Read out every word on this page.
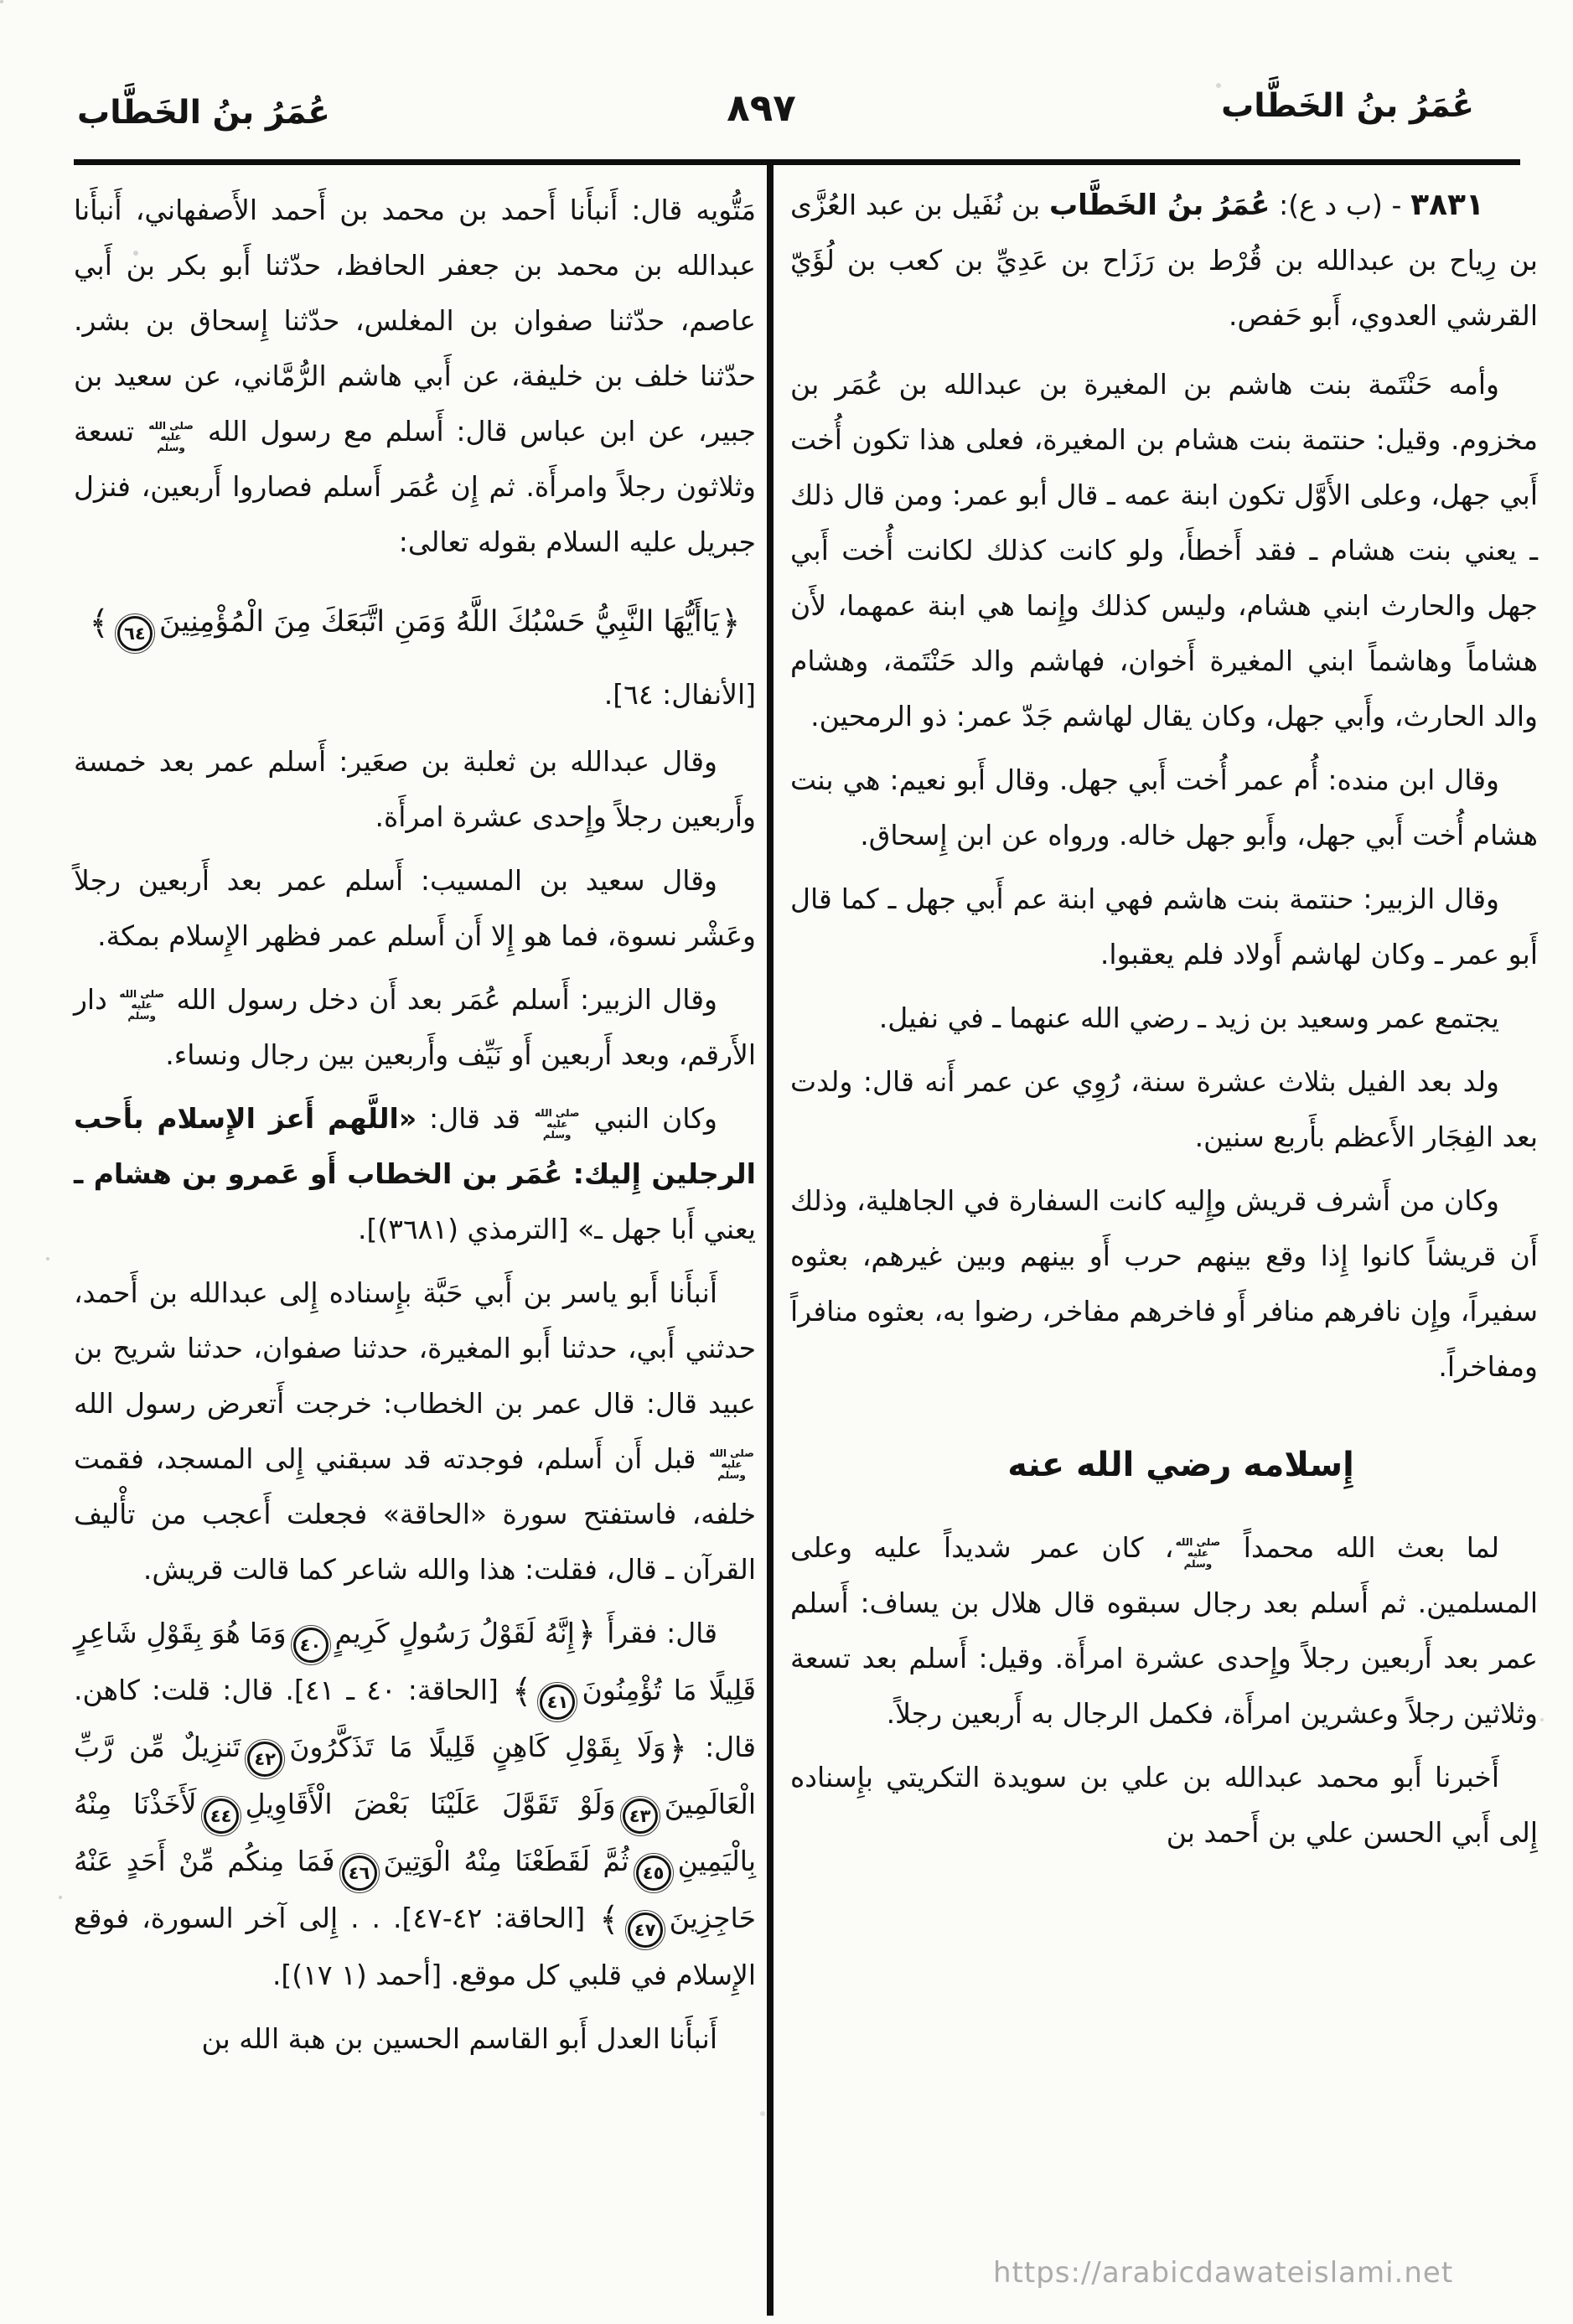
عُمَرُ بنُ الخَطَّاب
٨٩٧
عُمَرُ بنُ الخَطَّاب

٣٨٣١ - (ب د ع): عُمَرُ بنُ الخَطَّاب بن نُفَيل بن عبد العُزَّى بن رِياح بن عبدالله بن قُرْط بن رَزَاح بن عَدِيِّ بن كعب بن لُؤَيّ القرشي العدوي، أَبو حَفص.

وأمه حَنْتَمة بنت هاشم بن المغيرة بن عبدالله بن عُمَر بن مخزوم. وقيل: حنتمة بنت هشام بن المغيرة، فعلى هذا تكون أُخت أَبي جهل، وعلى الأَوَّل تكون ابنة عمه ـ قال أبو عمر: ومن قال ذلك ـ يعني بنت هشام ـ فقد أَخطأَ، ولو كانت كذلك لكانت أُخت أَبي جهل والحارث ابني هشام، وليس كذلك وإِنما هي ابنة عمهما، لأَن هشاماً وهاشماً ابني المغيرة أَخوان، فهاشم والد حَنْتَمة، وهشام والد الحارث، وأَبي جهل، وكان يقال لهاشم جَدّ عمر: ذو الرمحين.

وقال ابن منده: أُم عمر أُخت أَبي جهل. وقال أَبو نعيم: هي بنت هشام أُخت أَبي جهل، وأَبو جهل خاله. ورواه عن ابن إِسحاق.

وقال الزبير: حنتمة بنت هاشم فهي ابنة عم أَبي جهل ـ كما قال أَبو عمر ـ وكان لهاشم أَولاد فلم يعقبوا.

يجتمع عمر وسعيد بن زيد ـ رضي الله عنهما ـ في نفيل.

ولد بعد الفيل بثلاث عشرة سنة، رُوِي عن عمر أَنه قال: ولدت بعد الفِجَار الأَعظم بأَربع سنين.

وكان من أَشرف قريش وإِليه كانت السفارة في الجاهلية، وذلك أَن قريشاً كانوا إِذا وقع بينهم حرب أَو بينهم وبين غيرهم، بعثوه سفيراً، وإِن نافرهم منافر أَو فاخرهم مفاخر، رضوا به، بعثوه منافراً ومفاخراً.

إِسلامه رضي الله عنه

لما بعث الله محمداً صلى الله عليه وسلم، كان عمر شديداً عليه وعلى المسلمين. ثم أَسلم بعد رجال سبقوه قال هلال بن يساف: أَسلم عمر بعد أَربعين رجلاً وإِحدى عشرة امرأَة. وقيل: أَسلم بعد تسعة وثلاثين رجلاً وعشرين امرأَة، فكمل الرجال به أَربعين رجلاً.

أَخبرنا أَبو محمد عبدالله بن علي بن سويدة التكريتي بإِسناده إِلى أَبي الحسن علي بن أَحمد بن

مَتُّويه قال: أَنبأَنا أَحمد بن محمد بن أَحمد الأَصفهاني، أَنبأَنا عبدالله بن محمد بن جعفر الحافظ، حدّثنا أَبو بكر بن أَبي عاصم، حدّثنا صفوان بن المغلس، حدّثنا إِسحاق بن بشر. حدّثنا خلف بن خليفة، عن أَبي هاشم الرُّمَّاني، عن سعيد بن جبير، عن ابن عباس قال: أَسلم مع رسول الله صلى الله عليه وسلم تسعة وثلاثون رجلاً وامرأَة. ثم إِن عُمَر أَسلم فصاروا أَربعين، فنزل جبريل عليه السلام بقوله تعالى:

﴿يَاأَيُّهَا النَّبِيُّ حَسْبُكَ اللَّهُ وَمَنِ اتَّبَعَكَ مِنَ الْمُؤْمِنِينَ٦٤﴾

[الأنفال: ٦٤].

وقال عبدالله بن ثعلبة بن صعَير: أَسلم عمر بعد خمسة وأَربعين رجلاً وإِحدى عشرة امرأَة.

وقال سعيد بن المسيب: أَسلم عمر بعد أَربعين رجلاً وعَشْر نسوة، فما هو إِلا أَن أَسلم عمر فظهر الإِسلام بمكة.

وقال الزبير: أَسلم عُمَر بعد أَن دخل رسول الله صلى الله عليه وسلم دار الأَرقم، وبعد أَربعين أَو نَيِّف وأَربعين بين رجال ونساء.

وكان النبي صلى الله عليه وسلم قد قال: «اللَّهم أَعز الإِسلام بأَحب الرجلين إِليك: عُمَر بن الخطاب أَو عَمرو بن هشام ـ يعني أَبا جهل ـ» [الترمذي (٣٦٨١)].

أَنبأَنا أَبو ياسر بن أَبي حَبَّة بإِسناده إِلى عبدالله بن أَحمد، حدثني أَبي، حدثنا أَبو المغيرة، حدثنا صفوان، حدثنا شريح بن عبيد قال: قال عمر بن الخطاب: خرجت أَتعرض رسول الله صلى الله عليه وسلم قبل أَن أَسلم، فوجدته قد سبقني إِلى المسجد، فقمت خلفه، فاستفتح سورة «الحاقة» فجعلت أَعجب من تأْليف القرآن ـ قال، فقلت: هذا والله شاعر كما قالت قريش.

قال: فقرأَ ﴿إِنَّهُ لَقَوْلُ رَسُولٍ كَرِيمٍ٤٠وَمَا هُوَ بِقَوْلِ شَاعِرٍ قَلِيلًا مَا تُؤْمِنُونَ٤١﴾ [الحاقة: ٤٠ ـ ٤١]. قال: قلت: كاهن. قال: ﴿وَلَا بِقَوْلِ كَاهِنٍ قَلِيلًا مَا تَذَكَّرُونَ٤٢تَنزِيلٌ مِّن رَّبِّ الْعَالَمِينَ٤٣وَلَوْ تَقَوَّلَ عَلَيْنَا بَعْضَ الْأَقَاوِيلِ٤٤لَأَخَذْنَا مِنْهُ بِالْيَمِينِ٤٥ثُمَّ لَقَطَعْنَا مِنْهُ الْوَتِينَ٤٦فَمَا مِنكُم مِّنْ أَحَدٍ عَنْهُ حَاجِزِينَ٤٧﴾ [الحاقة: ٤٢-٤٧]. . . إِلى آخر السورة، فوقع الإِسلام في قلبي كل موقع. [أحمد (١ ١٧)].

أَنبأَنا العدل أَبو القاسم الحسين بن هبة الله بن

https://arabicdawateislami.net
